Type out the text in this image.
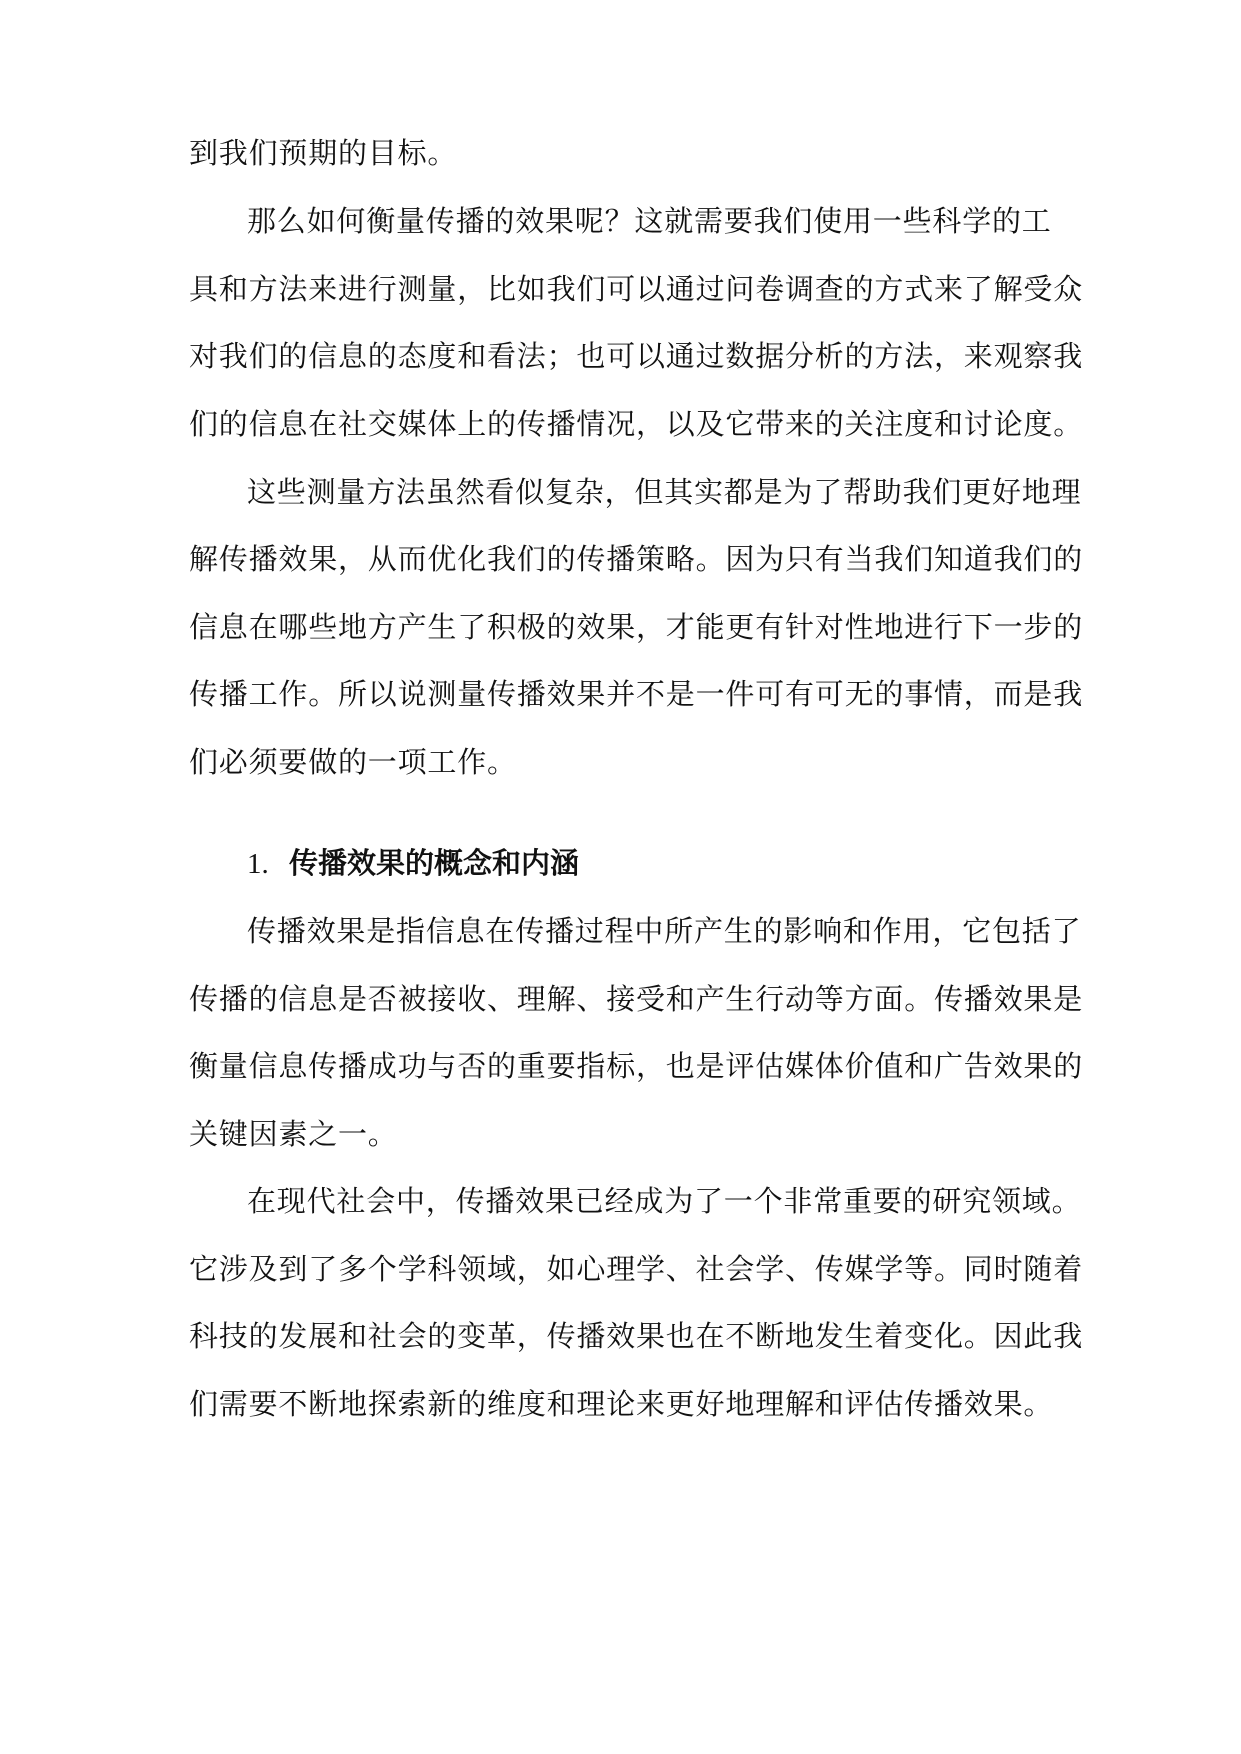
到我们预期的目标。
那么如何衡量传播的效果呢？这就需要我们使用一些科学的工
具和方法来进行测量，比如我们可以通过问卷调查的方式来了解受众
对我们的信息的态度和看法；也可以通过数据分析的方法，来观察我
们的信息在社交媒体上的传播情况，以及它带来的关注度和讨论度。
这些测量方法虽然看似复杂，但其实都是为了帮助我们更好地理
解传播效果，从而优化我们的传播策略。因为只有当我们知道我们的
信息在哪些地方产生了积极的效果，才能更有针对性地进行下一步的
传播工作。所以说测量传播效果并不是一件可有可无的事情，而是我
们必须要做的一项工作。
1. 传播效果的概念和内涵
传播效果是指信息在传播过程中所产生的影响和作用，它包括了
传播的信息是否被接收、理解、接受和产生行动等方面。传播效果是
衡量信息传播成功与否的重要指标，也是评估媒体价值和广告效果的
关键因素之一。
在现代社会中，传播效果已经成为了一个非常重要的研究领域。
它涉及到了多个学科领域，如心理学、社会学、传媒学等。同时随着
科技的发展和社会的变革，传播效果也在不断地发生着变化。因此我
们需要不断地探索新的维度和理论来更好地理解和评估传播效果。
